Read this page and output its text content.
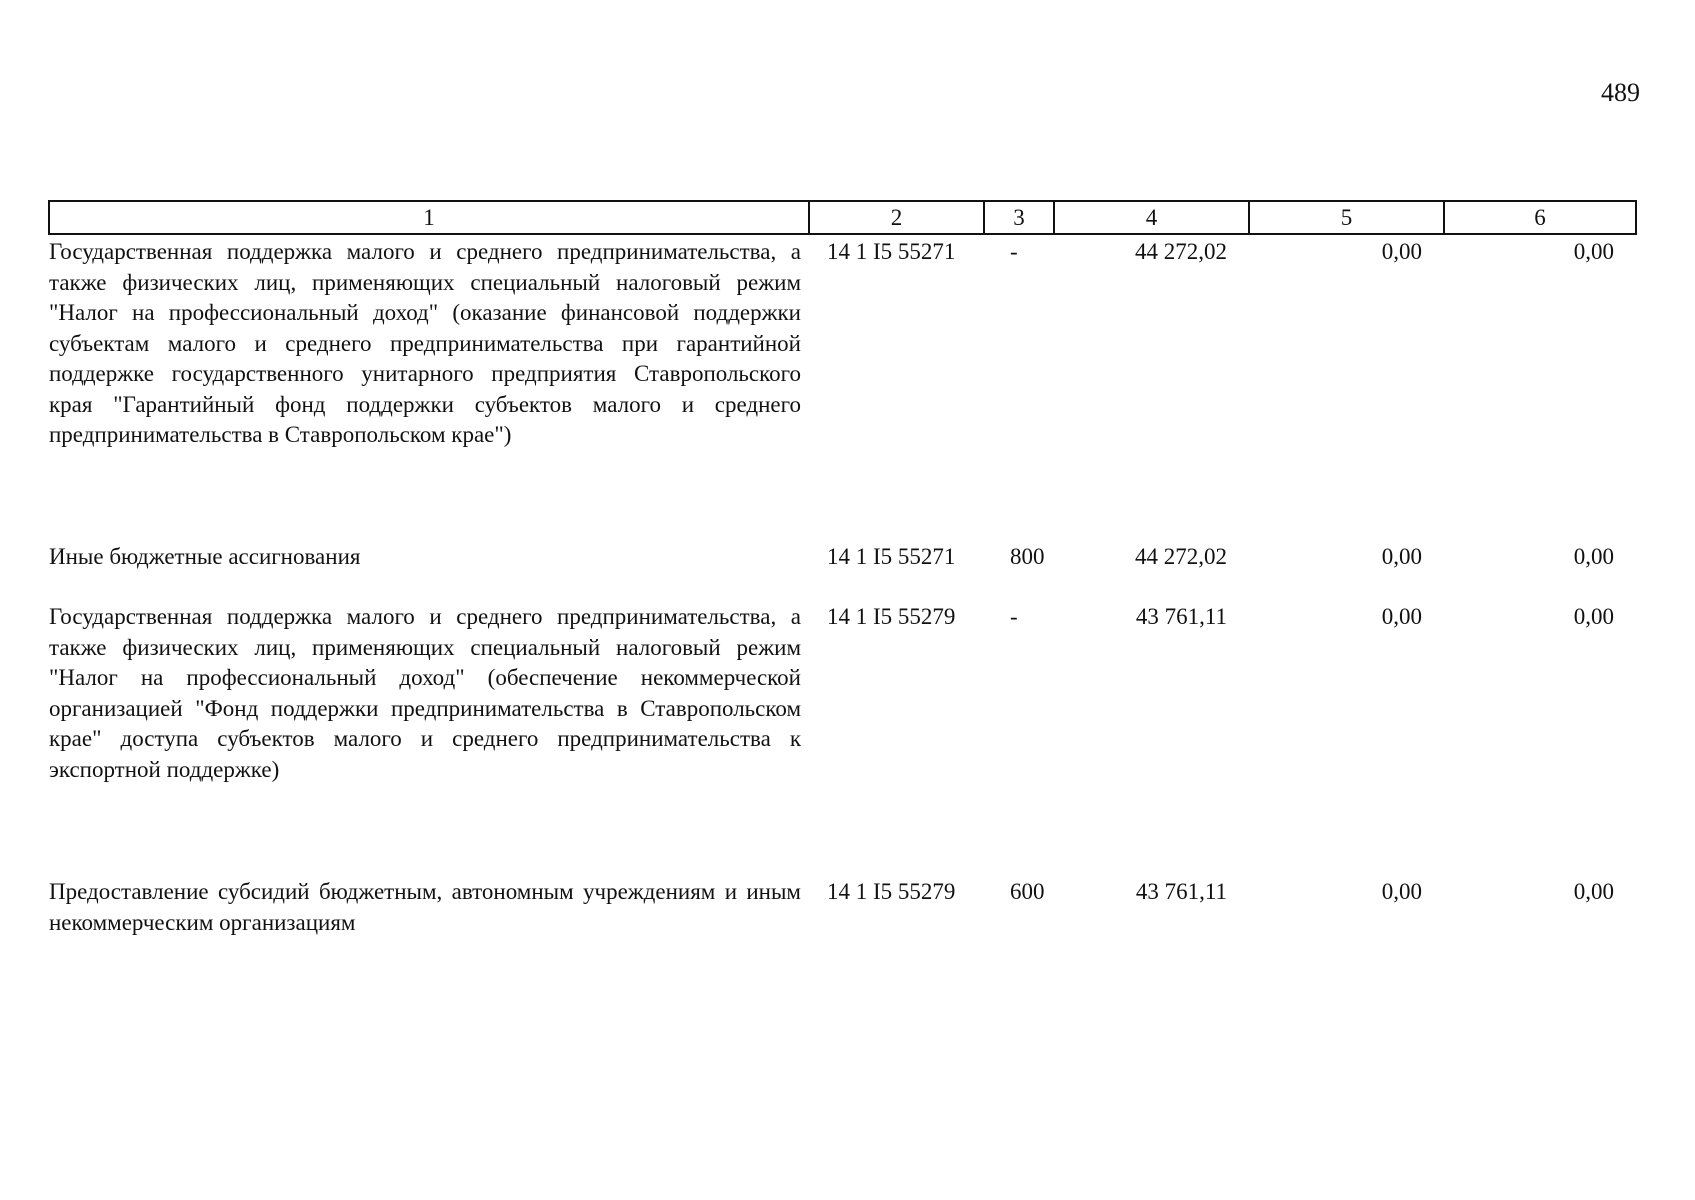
489
1	2	3	4	5	6
Государственная поддержка малого и среднего предпринимательства, а также физических лиц, применяющих специальный налоговый режим "Налог на профессиональный доход" (оказание финансовой поддержки субъектам малого и среднего предпринимательства при гарантийной поддержке государственного унитарного предприятия Ставропольского края "Гарантийный фонд поддержки субъектов малого и среднего предпринимательства в Ставропольском крае")	14 1 I5 55271	-	44 272,02	0,00	0,00
Иные бюджетные ассигнования	14 1 I5 55271	800	44 272,02	0,00	0,00
Государственная поддержка малого и среднего предпринимательства, а также физических лиц, применяющих специальный налоговый режим "Налог на профессиональный доход" (обеспечение некоммерческой организацией "Фонд поддержки предпринимательства в Ставропольском крае" доступа субъектов малого и среднего предпринимательства к экспортной поддержке)	14 1 I5 55279	-	43 761,11	0,00	0,00
Предоставление субсидий бюджетным, автономным учреждениям и иным некоммерческим организациям	14 1 I5 55279	600	43 761,11	0,00	0,00
